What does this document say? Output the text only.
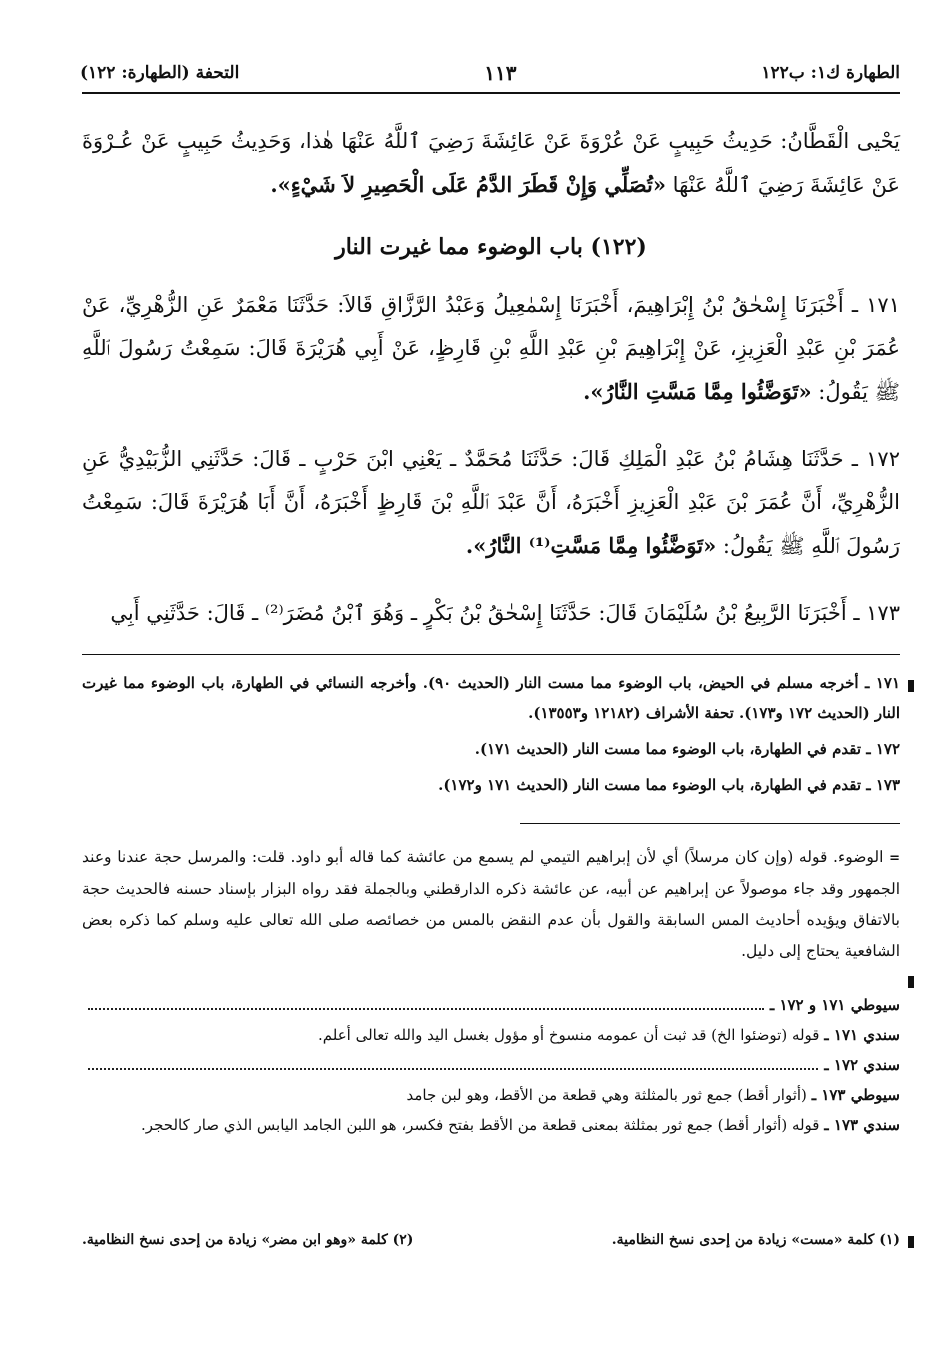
الطهارة ك١: ب١٢٢
١١٣
التحفة (الطهارة: ١٢٢)

يَحْيى الْقَطَّانُ: حَدِيثُ حَبِيبٍ عَنْ عُرْوَةَ عَنْ عَائِشَةَ رَضِيَ ٱللَّهُ عَنْهَا هٰذا، وَحَدِيثُ حَبِيبٍ عَنْ عُـرْوَةَ عَنْ عَائِشَةَ رَضِيَ ٱللَّهُ عَنْهَا «تُصَلِّي وَإِنْ قَطَرَ الدَّمُ عَلَى الْحَصِيرِ لاَ شَيْءٍ».

(١٢٢) باب الوضوء مما غيرت النار

١٧١ ـ أَخْبَرَنَا إِسْحٰقُ بْنُ إِبْرَاهِيمَ، أَخْبَرَنَا إِسْمٰعِيلُ وَعَبْدُ الرَّزَّاقِ قَالاَ: حَدَّثَنَا مَعْمَرٌ عَنِ الزُّهْرِيِّ، عَنْ عُمَرَ بْنِ عَبْدِ الْعَزِيزِ، عَنْ إِبْرَاهِيمَ بْنِ عَبْدِ اللَّهِ بْنِ قَارِظٍ، عَنْ أَبِي هُرَيْرَةَ قَالَ: سَمِعْتُ رَسُولَ ٱللَّهِ ﷺ يَقُولُ: «تَوَضَّئُوا مِمَّا مَسَّتِ النَّارُ».

١٧٢ ـ حَدَّثَنَا هِشَامُ بْنُ عَبْدِ الْمَلِكِ قَالَ: حَدَّثَنَا مُحَمَّدٌ ـ يَعْنِي ابْنَ حَرْبٍ ـ قَالَ: حَدَّثَنِي الزُّبَيْدِيُّ عَنِ الزُّهْرِيِّ، أَنَّ عُمَرَ بْنَ عَبْدِ الْعَزِيزِ أَخْبَرَهُ، أَنَّ عَبْدَ ٱللَّهِ بْنَ قَارِظٍ أَخْبَرَهُ، أَنَّ أَبَا هُرَيْرَةَ قَالَ: سَمِعْتُ رَسُولَ ٱللَّهِ ﷺ يَقُولُ: «تَوَضَّئُوا مِمَّا مَسَّتِ⁽¹⁾ النَّارُ».

١٧٣ ـ أَخْبَرَنَا الرَّبِيعُ بْنُ سُلَيْمَانَ قَالَ: حَدَّثَنَا إِسْحٰقُ بْنُ بَكْرٍ ـ وَهُوَ ٱبْنُ مُضَرَ⁽²⁾ ـ قَالَ: حَدَّثَنِي أَبِي

١٧١ ـ أخرجه مسلم في الحيض، باب الوضوء مما مست النار (الحديث ٩٠). وأخرجه النسائي في الطهارة، باب الوضوء مما غيرت النار (الحديث ١٧٢ و١٧٣). تحفة الأشراف (١٢١٨٢ و١٣٥٥٣).

١٧٢ ـ تقدم في الطهارة، باب الوضوء مما مست النار (الحديث ١٧١).

١٧٣ ـ تقدم في الطهارة، باب الوضوء مما مست النار (الحديث ١٧١ و١٧٢).

= الوضوء. قوله (وإن كان مرسلاً) أي لأن إبراهيم التيمي لم يسمع من عائشة كما قاله أبو داود. قلت: والمرسل حجة عندنا وعند الجمهور وقد جاء موصولاً عن إبراهيم عن أبيه، عن عائشة ذكره الدارقطني وبالجملة فقد رواه البزار بإسناد حسنه فالحديث حجة بالاتفاق ويؤيده أحاديث المس السابقة والقول بأن عدم النقض بالمس من خصائصه صلى الله تعالى عليه وسلم كما ذكره بعض الشافعية يحتاج إلى دليل.

سيوطي ١٧١ و ١٧٢ ـ
سندي ١٧١ ـ

قوله (توضئوا الخ) قد ثبت أن عمومه منسوخ أو مؤول بغسل اليد والله تعالى أعلم.
سندي ١٧٢ ـ
سيوطي ١٧٣ ـ

(أثوار أقط) جمع ثور بالمثلثة وهي قطعة من الأقط، وهو لبن جامد
سندي ١٧٣ ـ قوله (أثوار أقط) جمع ثور بمثلثة بمعنى قطعة من الأقط بفتح فكسر، هو اللبن الجامد اليابس الذي صار كالحجر.
(١) كلمة «مست» زيادة من إحدى نسخ النظامية.
(٢) كلمة «وهو ابن مضر» زيادة من إحدى نسخ النظامية.
